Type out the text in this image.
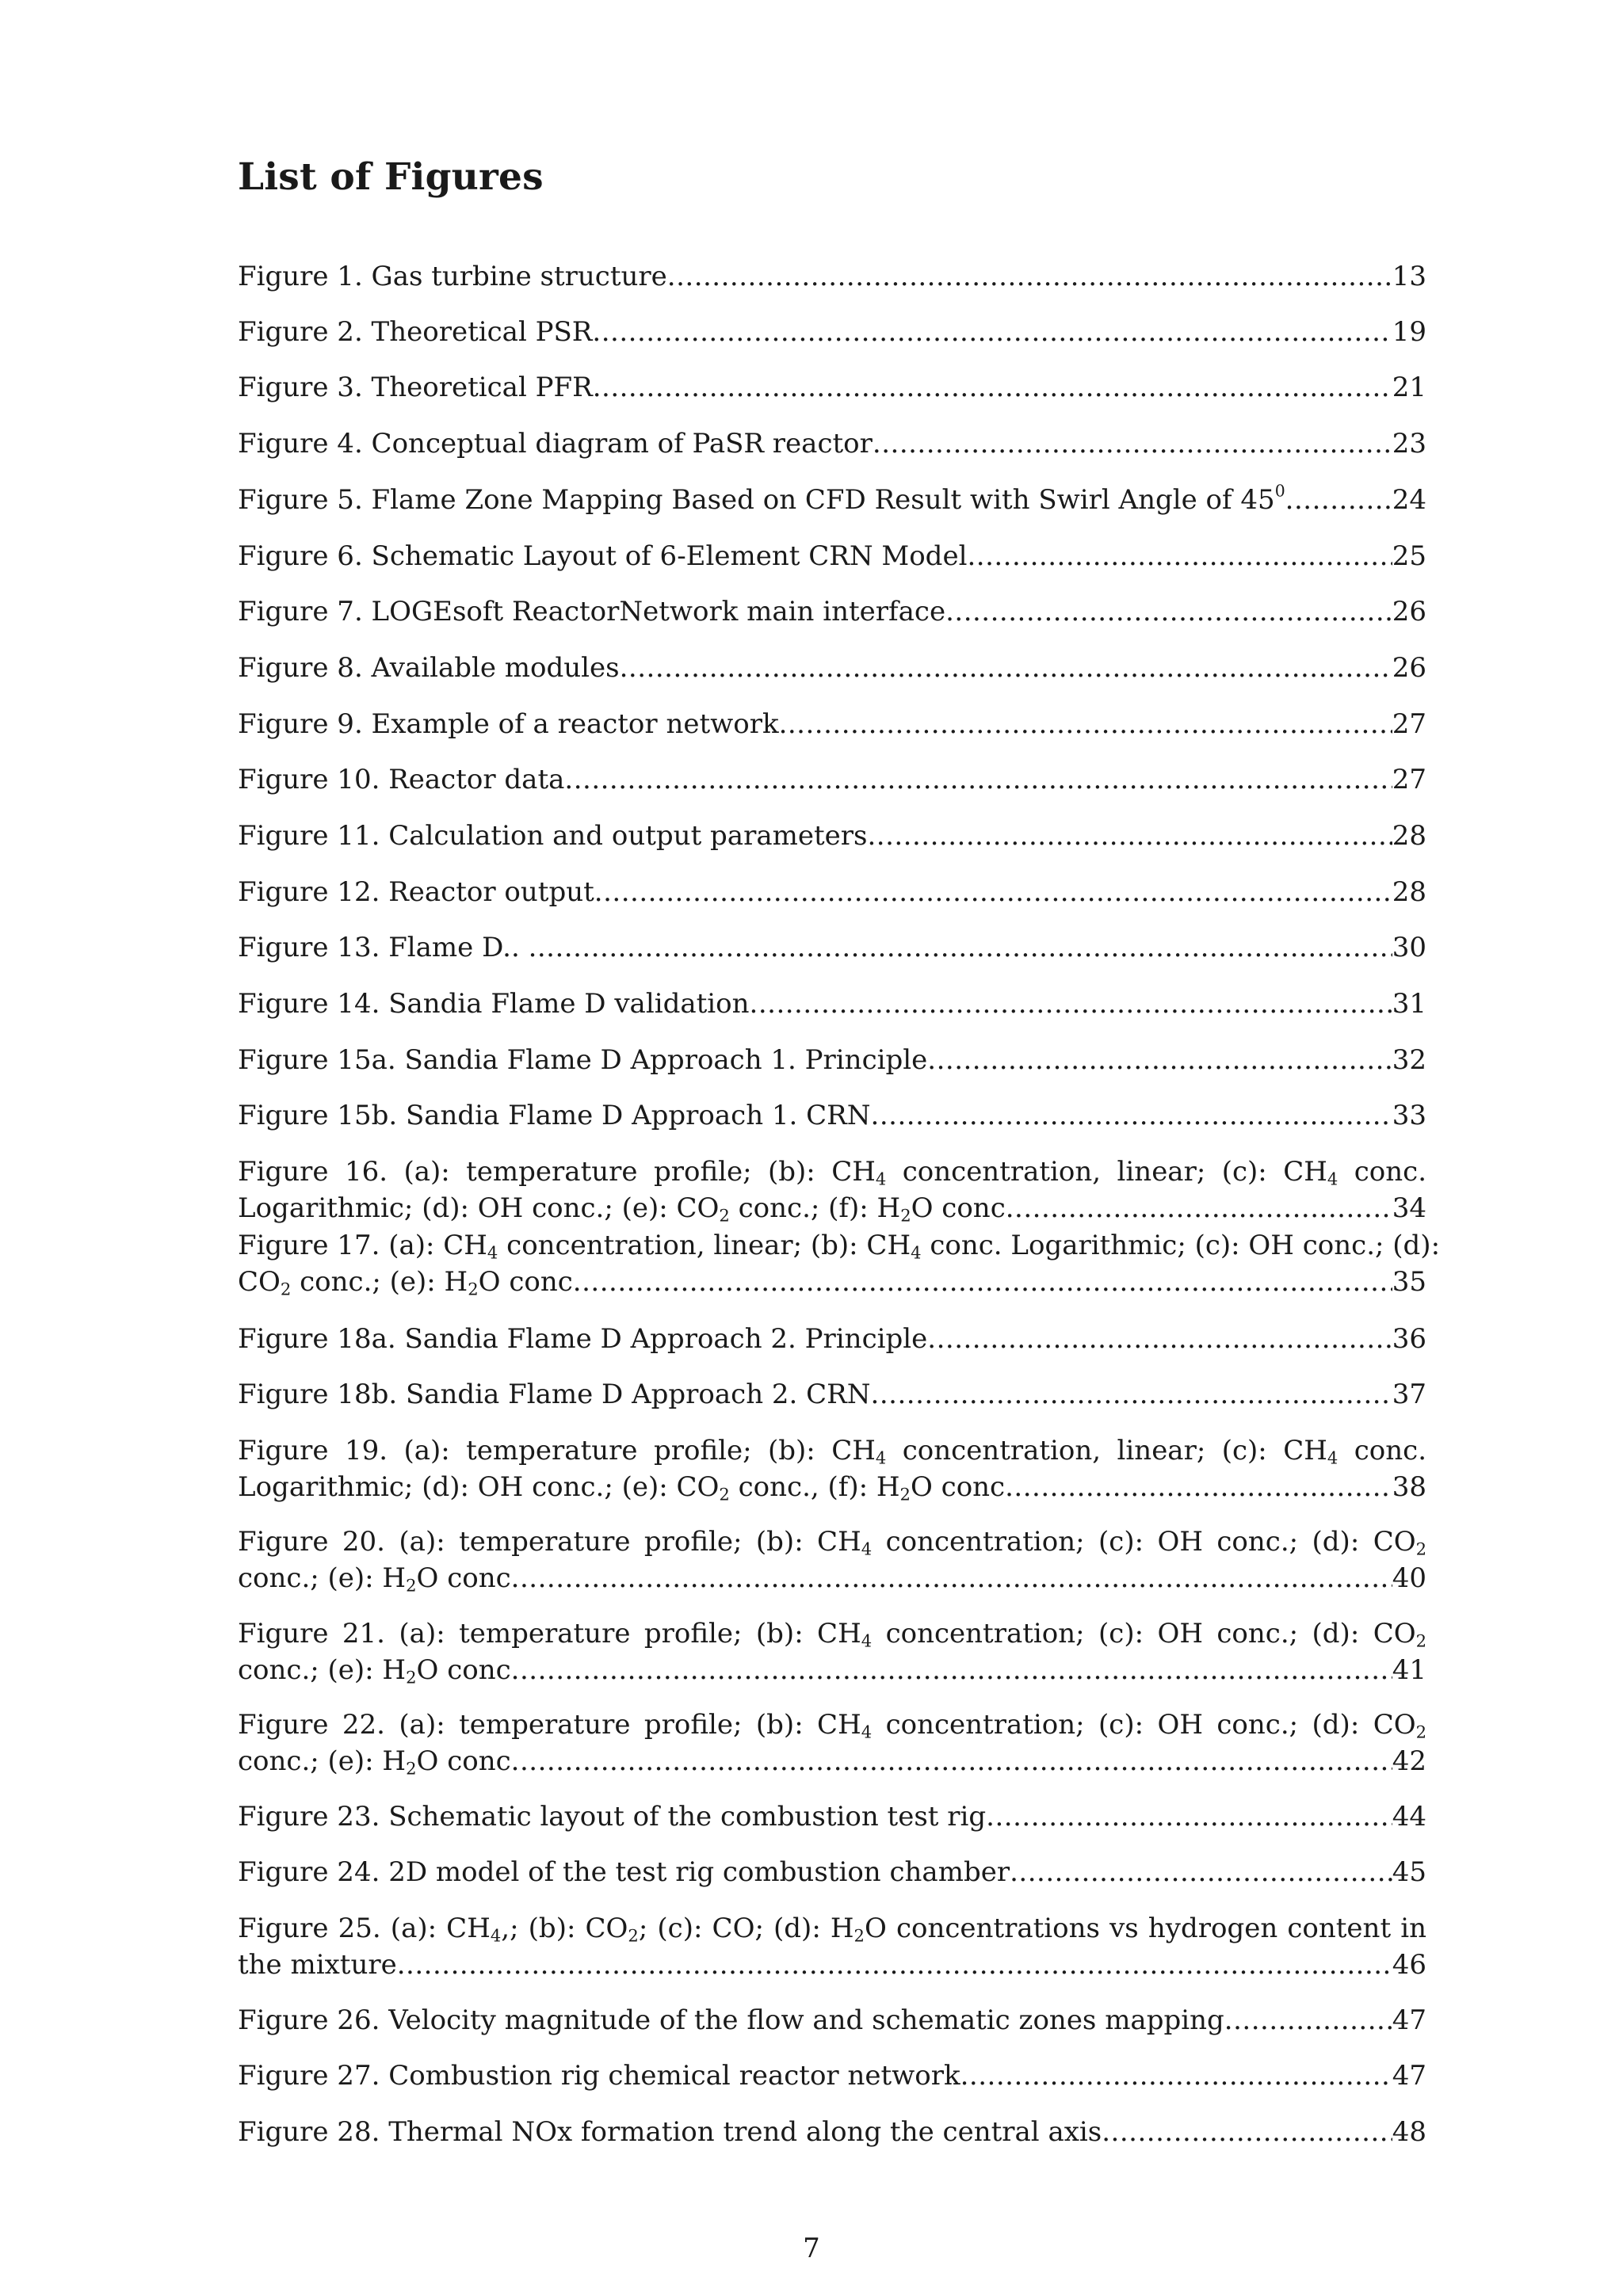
List of Figures
Figure 1. Gas turbine structure .....	13
Figure 2. Theoretical PSR .....	19
Figure 3. Theoretical PFR .....	21
Figure 4. Conceptual diagram of PaSR reactor .....	23
Figure 5. Flame Zone Mapping Based on CFD Result with Swirl Angle of $45^0$ .....	24
Figure 6. Schematic Layout of 6-Element CRN Model .....	25
Figure 7. LOGEsoft ReactorNetwork main interface .....	26
Figure 8. Available modules .....	26
Figure 9. Example of a reactor network .....	27
Figure 10. Reactor data .....	27
Figure 11. Calculation and output parameters .....	28
Figure 12. Reactor output .....	28
Figure 13. Flame D.. .....	30
Figure 14. Sandia Flame D validation .....	31
Figure 15a. Sandia Flame D Approach 1. Principle .....	32
Figure 15b. Sandia Flame D Approach 1. CRN .....	33
Figure 16. (a): temperature profile; (b): $CH_4$ concentration, linear; (c): $CH_4$ conc.
Logarithmic; (d): OH conc.; (e): $CO_2$ conc.; (f): $H_2O$ conc .....	34
Figure 17. (a): $CH_4$ concentration, linear; (b): $CH_4$ conc. Logarithmic; (c): OH conc.; (d):
$CO_2$ conc.; (e): $H_2O$ conc .....	35
Figure 18a. Sandia Flame D Approach 2. Principle .....	36
Figure 18b. Sandia Flame D Approach 2. CRN .....	37
Figure 19. (a): temperature profile; (b): $CH_4$ concentration, linear; (c): $CH_4$ conc.
Logarithmic; (d): OH conc.; (e): $CO_2$ conc., (f): $H_2O$ conc .....	38
Figure 20. (a): temperature profile; (b): $CH_4$ concentration; (c): OH conc.; (d): $CO_2$
conc.; (e): $H_2O$ conc .....	40
Figure 21. (a): temperature profile; (b): $CH_4$ concentration; (c): OH conc.; (d): $CO_2$
conc.; (e): $H_2O$ conc .....	41
Figure 22. (a): temperature profile; (b): $CH_4$ concentration; (c): OH conc.; (d): $CO_2$
conc.; (e): $H_2O$ conc .....	42
Figure 23. Schematic layout of the combustion test rig .....	44
Figure 24. 2D model of the test rig combustion chamber .....	45
Figure 25. (a): $CH_4$,; (b): $CO_2$; (c): CO; (d): $H_2O$ concentrations vs hydrogen content in
the mixture .....	46
Figure 26. Velocity magnitude of the flow and schematic zones mapping .....	47
Figure 27. Combustion rig chemical reactor network .....	47
Figure 28. Thermal NOx formation trend along the central axis .....	48
7
